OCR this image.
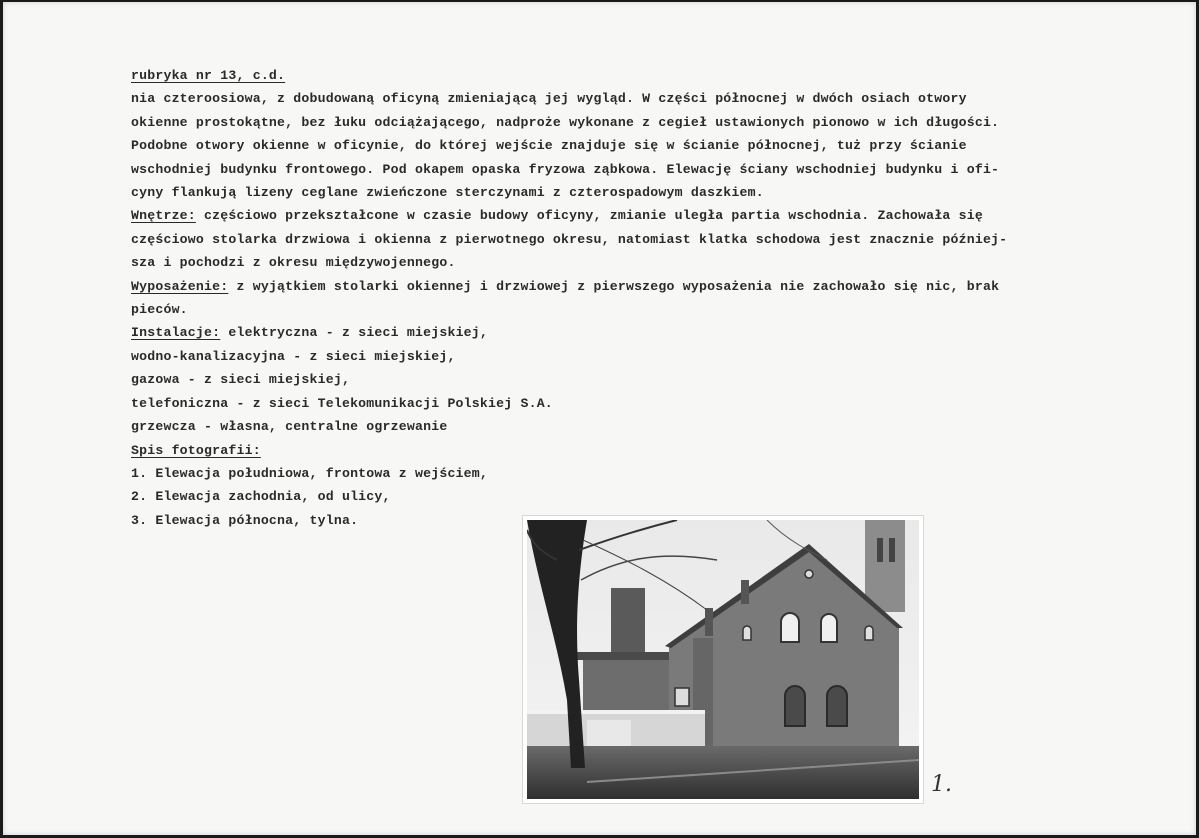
rubryka nr 13, c.d.
nia czteroosiowa, z dobudowaną oficyną zmieniającą jej wygląd. W części północnej w dwóch osiach otwory
okienne prostokątne, bez łuku odciążającego, nadproże wykonane z cegieł ustawionych pionowo w ich długości.
Podobne otwory okienne w oficynie, do której wejście znajduje się w ścianie północnej, tuż przy ścianie
wschodniej budynku frontowego. Pod okapem opaska fryzowa ząbkowa. Elewację ściany wschodniej budynku i ofi-
cyny flankują lizeny ceglane zwieńczone sterczynami z czterospadowym daszkiem.
Wnętrze: częściowo przekształcone w czasie budowy oficyny, zmianie uległa partia wschodnia. Zachowała się
częściowo stolarka drzwiowa i okienna z pierwotnego okresu, natomiast klatka schodowa jest znacznie później-
sza i pochodzi z okresu międzywojennego.
Wyposażenie: z wyjątkiem stolarki okiennej i drzwiowej z pierwszego wyposażenia nie zachowało się nic, brak
pieców.
Instalacje: elektryczna - z sieci miejskiej,
wodno-kanalizacyjna - z sieci miejskiej,
gazowa - z sieci miejskiej,
telefoniczna - z sieci Telekomunikacji Polskiej S.A.
grzewcza - własna, centralne ogrzewanie
Spis fotografii:
1. Elewacja południowa, frontowa z wejściem,
2. Elewacja zachodnia, od ulicy,
3. Elewacja północna, tylna.
1.
